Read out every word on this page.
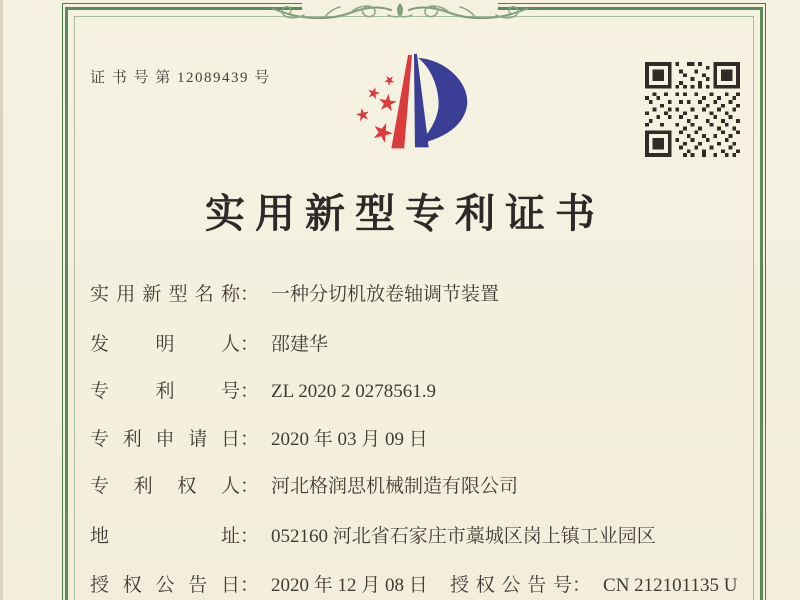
证 书 号 第 12089439 号
实用新型专利证书
实用新型名称： 一种分切机放卷轴调节装置
发明人： 邵建华
专利号： ZL 2020 2 0278561.9
专利申请日： 2020 年 03 月 09 日
专利权人： 河北格润思机械制造有限公司
地址： 052160 河北省石家庄市藁城区岗上镇工业园区
授权公告日： 2020 年 12 月 08 日 授权公告号： CN 212101135 U
